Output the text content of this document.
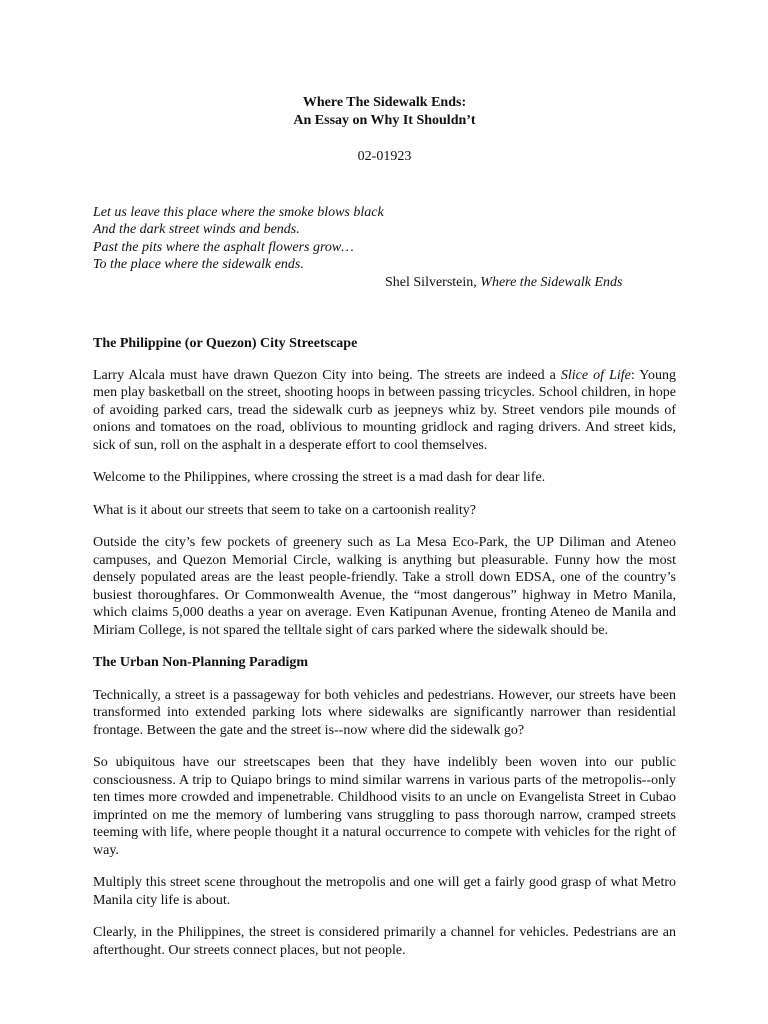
Where The Sidewalk Ends:
An Essay on Why It Shouldn’t
02-01923
Let us leave this place where the smoke blows black
And the dark street winds and bends.
Past the pits where the asphalt flowers grow…
To the place where the sidewalk ends.
Shel Silverstein, Where the Sidewalk Ends
The Philippine (or Quezon) City Streetscape

Larry Alcala must have drawn Quezon City into being. The streets are indeed a Slice of Life: Young men play basketball on the street, shooting hoops in between passing tricycles. School children, in hope of avoiding parked cars, tread the sidewalk curb as jeepneys whiz by. Street vendors pile mounds of onions and tomatoes on the road, oblivious to mounting gridlock and raging drivers. And street kids, sick of sun, roll on the asphalt in a desperate effort to cool themselves.

Welcome to the Philippines, where crossing the street is a mad dash for dear life.

What is it about our streets that seem to take on a cartoonish reality?

Outside the city’s few pockets of greenery such as La Mesa Eco-Park, the UP Diliman and Ateneo campuses, and Quezon Memorial Circle, walking is anything but pleasurable. Funny how the most densely populated areas are the least people-friendly. Take a stroll down EDSA, one of the country’s busiest thoroughfares. Or Commonwealth Avenue, the “most dangerous” highway in Metro Manila, which claims 5,000 deaths a year on average. Even Katipunan Avenue, fronting Ateneo de Manila and Miriam College, is not spared the telltale sight of cars parked where the sidewalk should be.

The Urban Non-Planning Paradigm

Technically, a street is a passageway for both vehicles and pedestrians. However, our streets have been transformed into extended parking lots where sidewalks are significantly narrower than residential frontage. Between the gate and the street is--now where did the sidewalk go?

So ubiquitous have our streetscapes been that they have indelibly been woven into our public consciousness. A trip to Quiapo brings to mind similar warrens in various parts of the metropolis--only ten times more crowded and impenetrable. Childhood visits to an uncle on Evangelista Street in Cubao imprinted on me the memory of lumbering vans struggling to pass thorough narrow, cramped streets teeming with life, where people thought it a natural occurrence to compete with vehicles for the right of way.

Multiply this street scene throughout the metropolis and one will get a fairly good grasp of what Metro Manila city life is about.

Clearly, in the Philippines, the street is considered primarily a channel for vehicles. Pedestrians are an afterthought. Our streets connect places, but not people.
